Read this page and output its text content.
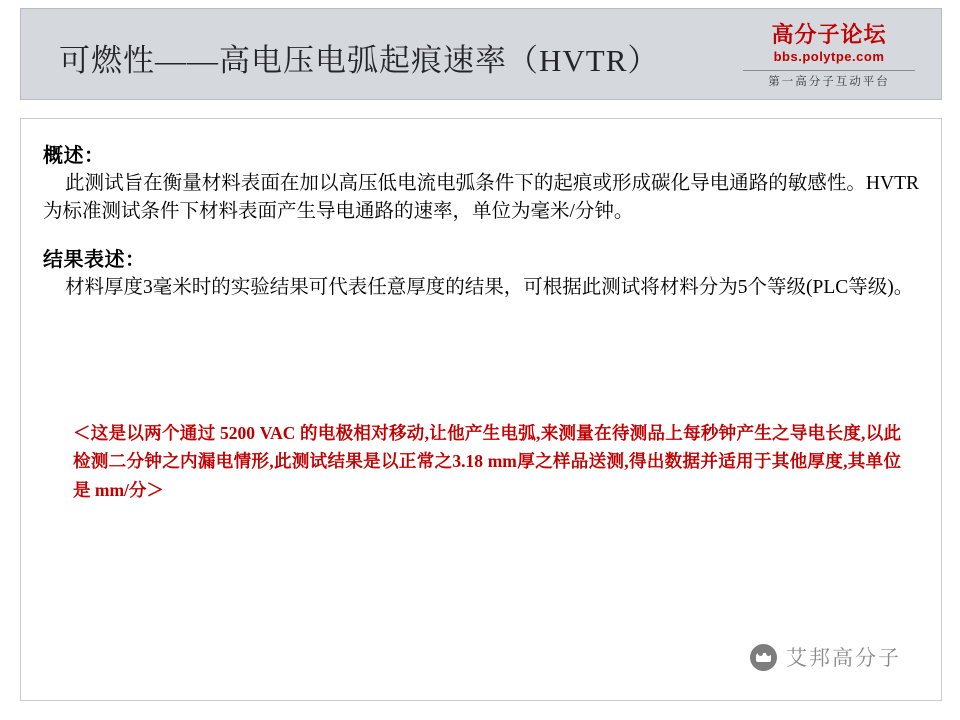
可燃性——高电压电弧起痕速率（HVTR）
高分子论坛
bbs.polytpe.com
第一高分子互动平台
概述：
此测试旨在衡量材料表面在加以高压低电流电弧条件下的起痕或形成碳化导电通路的敏感性。HVTR为标准测试条件下材料表面产生导电通路的速率，单位为毫米/分钟。
结果表述：
材料厚度3毫米时的实验结果可代表任意厚度的结果，可根据此测试将材料分为5个等级(PLC等级)。
＜这是以两个通过 5200 VAC 的电极相对移动,让他产生电弧,来测量在待测品上每秒钟产生之导电长度,以此检测二分钟之内漏电情形,此测试结果是以正常之3.18 mm厚之样品送测,得出数据并适用于其他厚度,其单位是 mm/分＞
艾邦高分子
